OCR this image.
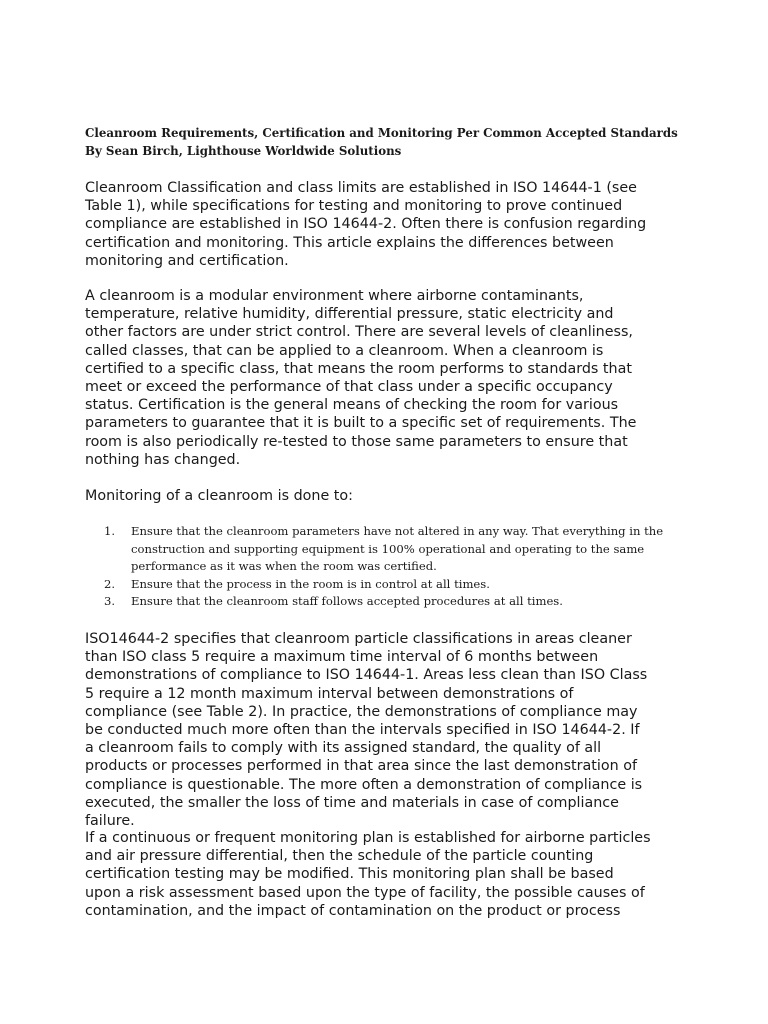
Cleanroom Requirements, Certification and Monitoring Per Common Accepted Standards
By Sean Birch, Lighthouse Worldwide Solutions

Cleanroom Classification and class limits are established in ISO 14644-1 (see
Table 1), while specifications for testing and monitoring to prove continued
compliance are established in ISO 14644-2. Often there is confusion regarding
certification and monitoring. This article explains the differences between
monitoring and certification.

A cleanroom is a modular environment where airborne contaminants,
temperature, relative humidity, differential pressure, static electricity and
other factors are under strict control. There are several levels of cleanliness,
called classes, that can be applied to a cleanroom. When a cleanroom is
certified to a specific class, that means the room performs to standards that
meet or exceed the performance of that class under a specific occupancy
status. Certification is the general means of checking the room for various
parameters to guarantee that it is built to a specific set of requirements. The
room is also periodically re-tested to those same parameters to ensure that
nothing has changed.

Monitoring of a cleanroom is done to:

1. Ensure that the cleanroom parameters have not altered in any way. That everything in the
construction and supporting equipment is 100% operational and operating to the same
performance as it was when the room was certified.
2. Ensure that the process in the room is in control at all times.
3. Ensure that the cleanroom staff follows accepted procedures at all times.

ISO14644-2 specifies that cleanroom particle classifications in areas cleaner
than ISO class 5 require a maximum time interval of 6 months between
demonstrations of compliance to ISO 14644-1. Areas less clean than ISO Class
5 require a 12 month maximum interval between demonstrations of
compliance (see Table 2). In practice, the demonstrations of compliance may
be conducted much more often than the intervals specified in ISO 14644-2. If
a cleanroom fails to comply with its assigned standard, the quality of all
products or processes performed in that area since the last demonstration of
compliance is questionable. The more often a demonstration of compliance is
executed, the smaller the loss of time and materials in case of compliance
failure.

If a continuous or frequent monitoring plan is established for airborne particles
and air pressure differential, then the schedule of the particle counting
certification testing may be modified. This monitoring plan shall be based
upon a risk assessment based upon the type of facility, the possible causes of
contamination, and the impact of contamination on the product or process
